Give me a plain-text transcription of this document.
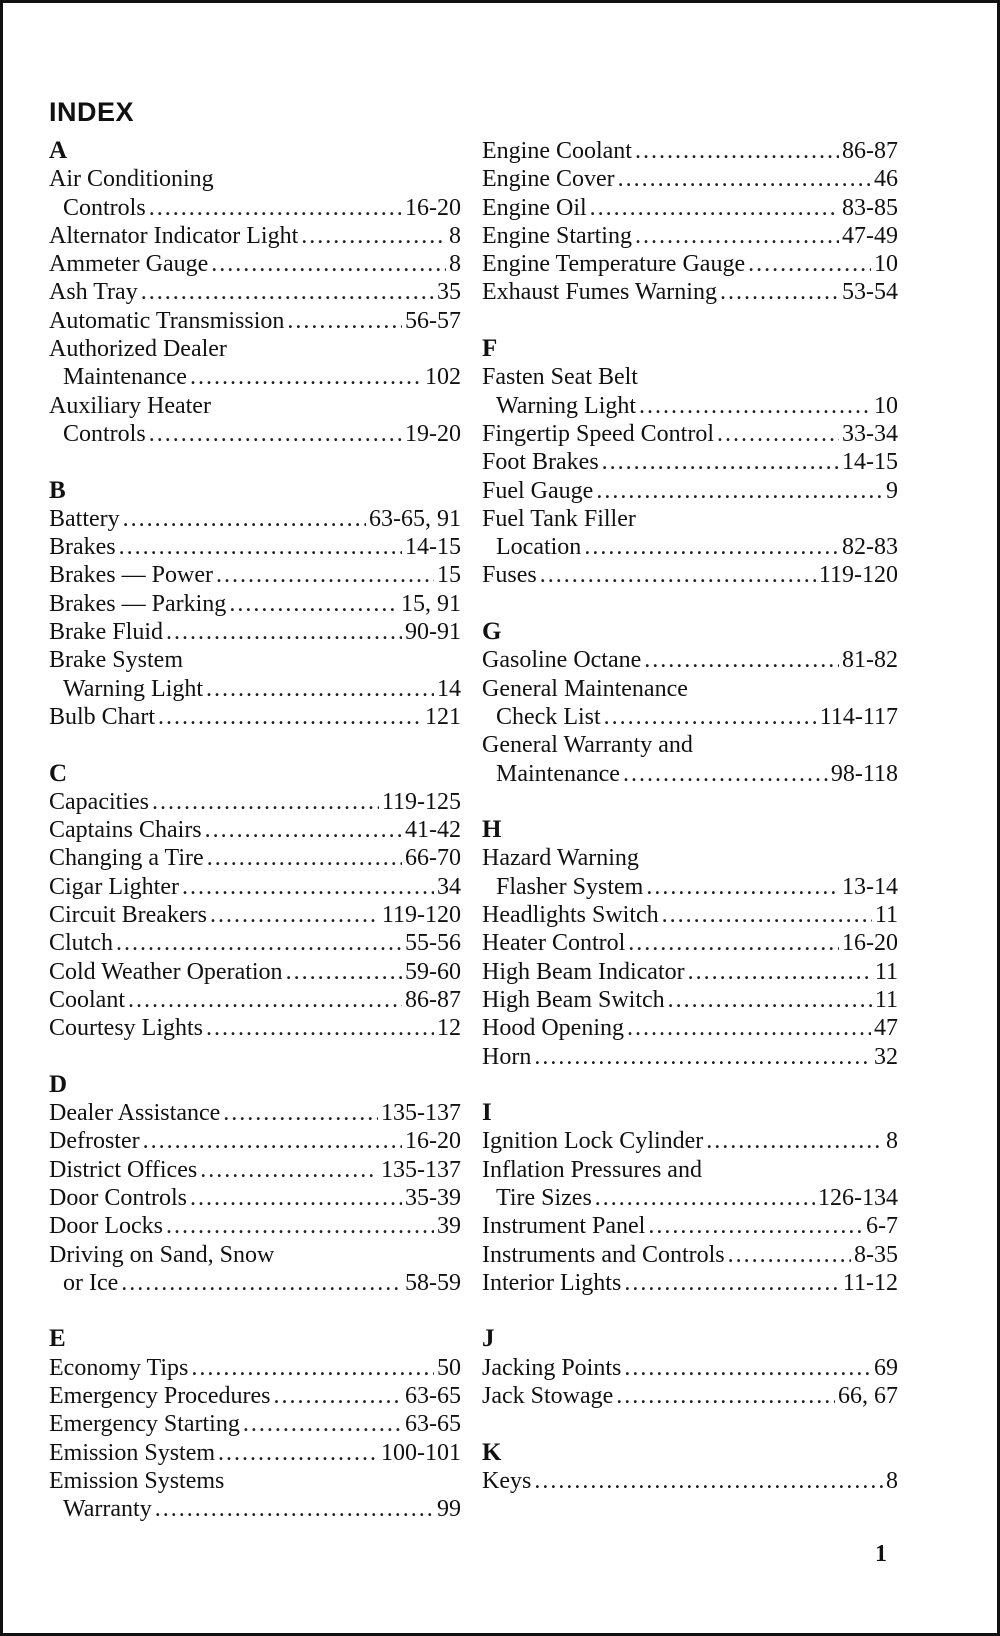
INDEX
A
Air Conditioning
Controls .....	16-20
Alternator Indicator Light .....	8
Ammeter Gauge .....	8
Ash Tray .....	35
Automatic Transmission .....	56-57
Authorized Dealer
Maintenance .....	102
Auxiliary Heater
Controls .....	19-20
B
Battery .....	63-65, 91
Brakes .....	14-15
Brakes — Power .....	15
Brakes — Parking .....	15, 91
Brake Fluid .....	90-91
Brake System
Warning Light .....	14
Bulb Chart .....	121
C
Capacities .....	119-125
Captains Chairs .....	41-42
Changing a Tire .....	66-70
Cigar Lighter .....	34
Circuit Breakers .....	119-120
Clutch .....	55-56
Cold Weather Operation .....	59-60
Coolant .....	86-87
Courtesy Lights .....	12
D
Dealer Assistance .....	135-137
Defroster .....	16-20
District Offices .....	135-137
Door Controls .....	35-39
Door Locks .....	39
Driving on Sand, Snow
or Ice .....	58-59
E
Economy Tips .....	50
Emergency Procedures .....	63-65
Emergency Starting .....	63-65
Emission System .....	100-101
Emission Systems
Warranty .....	99
Engine Coolant .....	86-87
Engine Cover .....	46
Engine Oil .....	83-85
Engine Starting .....	47-49
Engine Temperature Gauge .....	10
Exhaust Fumes Warning .....	53-54
F
Fasten Seat Belt
Warning Light .....	10
Fingertip Speed Control .....	33-34
Foot Brakes .....	14-15
Fuel Gauge .....	9
Fuel Tank Filler
Location .....	82-83
Fuses .....	119-120
G
Gasoline Octane .....	81-82
General Maintenance
Check List .....	114-117
General Warranty and
Maintenance .....	98-118
H
Hazard Warning
Flasher System .....	13-14
Headlights Switch .....	11
Heater Control .....	16-20
High Beam Indicator .....	11
High Beam Switch .....	11
Hood Opening .....	47
Horn .....	32
I
Ignition Lock Cylinder .....	8
Inflation Pressures and
Tire Sizes .....	126-134
Instrument Panel .....	6-7
Instruments and Controls .....	8-35
Interior Lights .....	11-12
J
Jacking Points .....	69
Jack Stowage .....	66, 67
K
Keys .....	8
1
